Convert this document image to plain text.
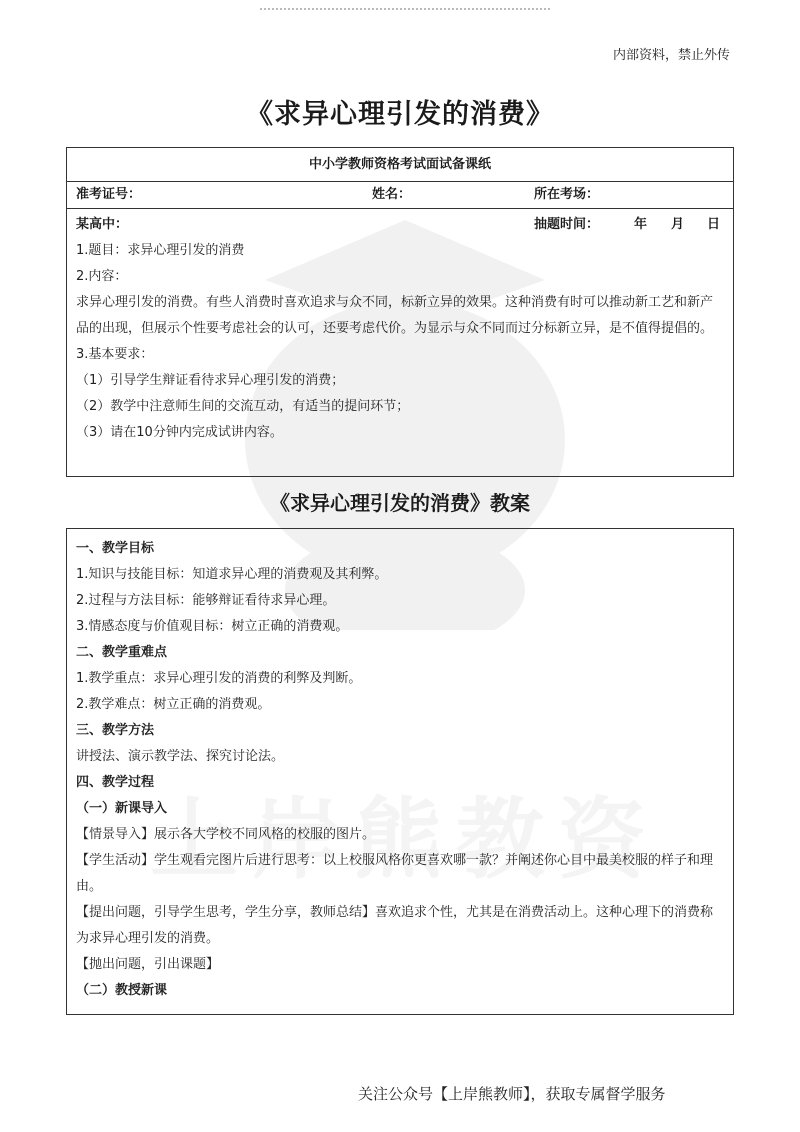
内部资料，禁止外传
《求异心理引发的消费》
中小学教师资格考试面试备课纸
准考证号：	姓名：	所在考场：
某高中：	抽题时间：	年 月 日
1.题目：求异心理引发的消费
2.内容：
求异心理引发的消费。有些人消费时喜欢追求与众不同，标新立异的效果。这种消费有时可以推动新工艺和新产品的出现，但展示个性要考虑社会的认可，还要考虑代价。为显示与众不同而过分标新立异，是不值得提倡的。
3.基本要求：
（1）引导学生辩证看待求异心理引发的消费；
（2）教学中注意师生间的交流互动，有适当的提问环节；
（3）请在10分钟内完成试讲内容。
《求异心理引发的消费》教案
一、教学目标
1.知识与技能目标：知道求异心理的消费观及其利弊。
2.过程与方法目标：能够辩证看待求异心理。
3.情感态度与价值观目标：树立正确的消费观。
二、教学重难点
1.教学重点：求异心理引发的消费的利弊及判断。
2.教学难点：树立正确的消费观。
三、教学方法
讲授法、演示教学法、探究讨论法。
四、教学过程
（一）新课导入
【情景导入】展示各大学校不同风格的校服的图片。
【学生活动】学生观看完图片后进行思考：以上校服风格你更喜欢哪一款？并阐述你心目中最美校服的样子和理由。
【提出问题，引导学生思考，学生分享，教师总结】喜欢追求个性，尤其是在消费活动上。这种心理下的消费称为求异心理引发的消费。
【抛出问题，引出课题】
（二）教授新课
关注公众号【上岸熊教师】，获取专属督学服务
